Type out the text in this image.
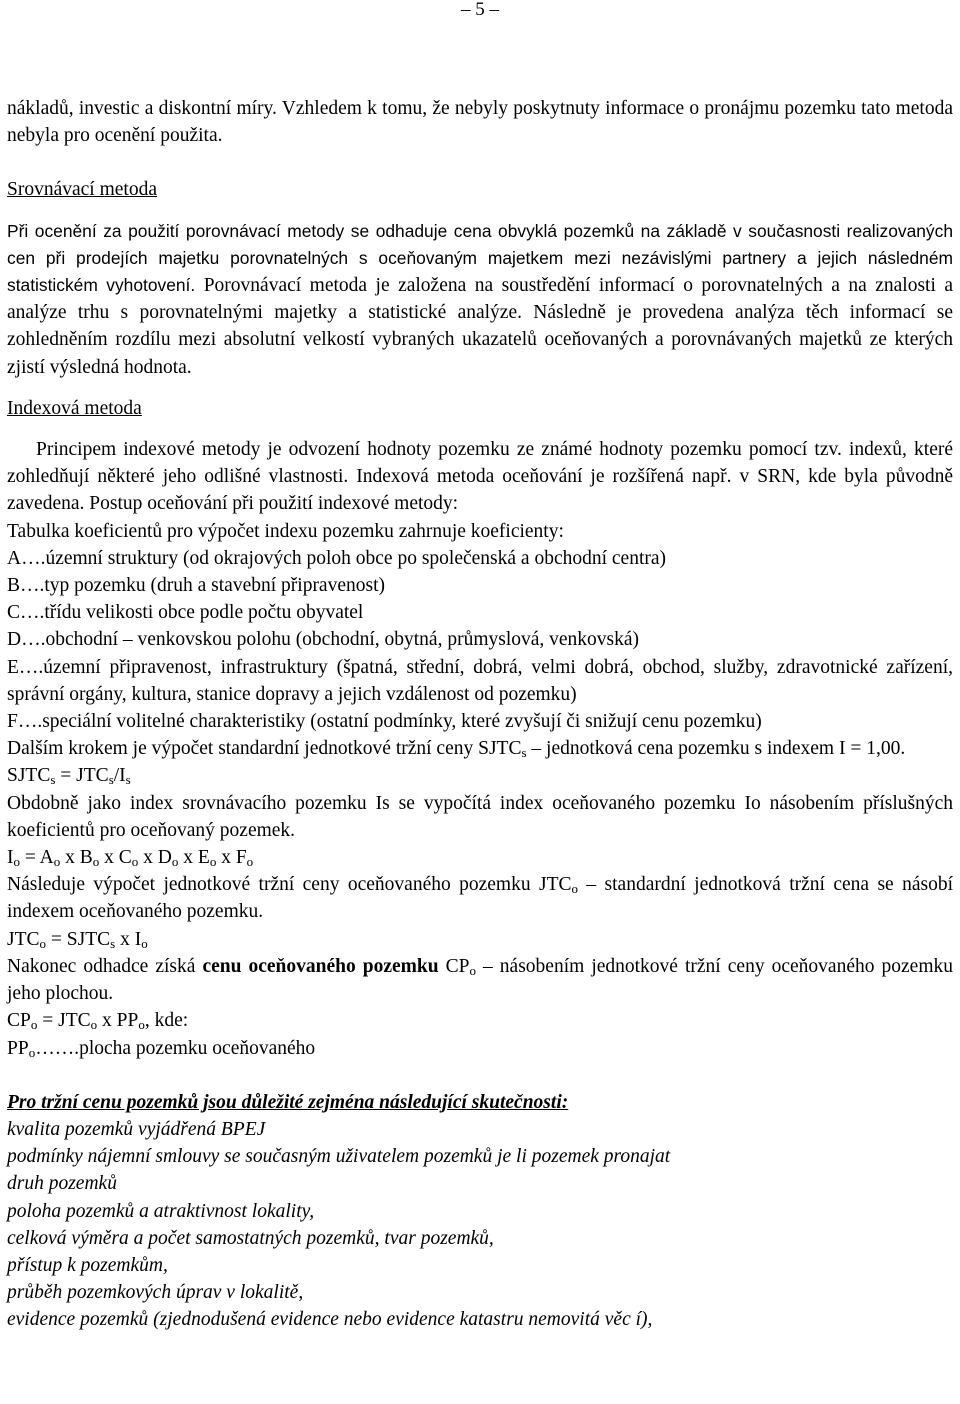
– 5 –

nákladů, investic a diskontní míry. Vzhledem k tomu, že nebyly poskytnuty informace o pronájmu pozemku tato metoda nebyla pro ocenění použita.

Srovnávací metoda

Při ocenění za použití porovnávací metody se odhaduje cena obvyklá pozemků na základě v současnosti realizovaných cen při prodejích majetku porovnatelných s oceňovaným majetkem mezi nezávislými partnery a jejich následném statistickém vyhotovení. Porovnávací metoda je založena na soustředění informací o porovnatelných a na znalosti a analýze trhu s porovnatelnými majetky a statistické analýze. Následně je provedena analýza těch informací se zohledněním rozdílu mezi absolutní velkostí vybraných ukazatelů oceňovaných a porovnávaných majetků ze kterých zjistí výsledná hodnota.

Indexová metoda

Principem indexové metody je odvození hodnoty pozemku ze známé hodnoty pozemku pomocí tzv. indexů, které zohledňují některé jeho odlišné vlastnosti. Indexová metoda oceňování je rozšířená např. v SRN, kde byla původně zavedena. Postup oceňování při použití indexové metody:

Tabulka koeficientů pro výpočet indexu pozemku zahrnuje koeficienty:

A….územní struktury (od okrajových poloh obce po společenská a obchodní centra)

B….typ pozemku (druh a stavební připravenost)

C….třídu velikosti obce podle počtu obyvatel

D….obchodní – venkovskou polohu (obchodní, obytná, průmyslová, venkovská)

E….územní připravenost, infrastruktury (špatná, střední, dobrá, velmi dobrá, obchod, služby, zdravotnické zařízení, správní orgány, kultura, stanice dopravy a jejich vzdálenost od pozemku)

F….speciální volitelné charakteristiky (ostatní podmínky, které zvyšují či snižují cenu pozemku)

Dalším krokem je výpočet standardní jednotkové tržní ceny $SJTC_s$ – jednotková cena pozemku s indexem I = 1,00.

$SJTC_s = JTC_s/I_s$

Obdobně jako index srovnávacího pozemku Is se vypočítá index oceňovaného pozemku Io násobením příslušných koeficientů pro oceňovaný pozemek.

$I_o = A_o$ x $B_o$ x $C_o$ x $D_o$ x $E_o$ x $F_o$

Následuje výpočet jednotkové tržní ceny oceňovaného pozemku $JTC_o$ – standardní jednotková tržní cena se násobí indexem oceňovaného pozemku.

$JTC_o$ = $SJTC_s$ x $I_o$

Nakonec odhadce získá cenu oceňovaného pozemku $CP_o$ – násobením jednotkové tržní ceny oceňovaného pozemku jeho plochou.

$CP_o = JTC_o$ x $PP_o$, kde:

$PP_o\dots\dots.plocha$ pozemku oceňovaného

Pro tržní cenu pozemků jsou důležité zejména následující skutečnosti:

kvalita pozemků vyjádřená BPEJ

podmínky nájemní smlouvy se současným uživatelem pozemků je li pozemek pronajat

druh pozemků

poloha pozemků a atraktivnost lokality,

celková výměra a počet samostatných pozemků, tvar pozemků,

přístup k pozemkům,

průběh pozemkových úprav v lokalitě,

evidence pozemků (zjednodušená evidence nebo evidence katastru nemovitá věc í),
